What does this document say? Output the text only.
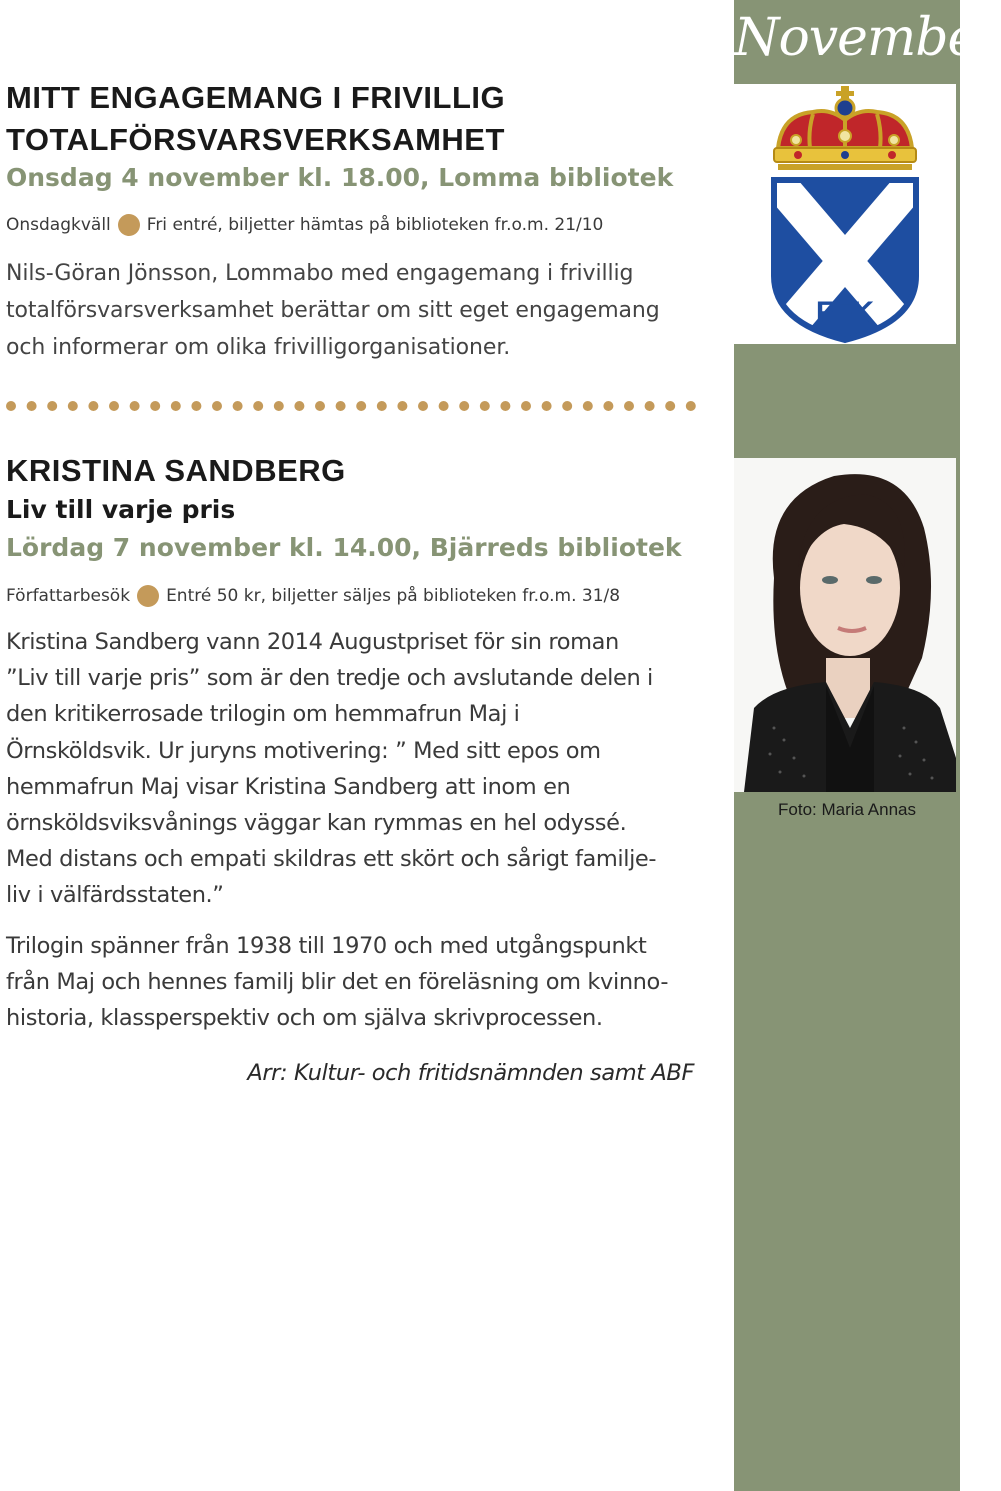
November
FFK
Foto: Maria Annas
MITT ENGAGEMANG I FRIVILLIG
TOTALFÖRSVARSVERKSAMHET
Onsdag 4 november kl. 18.00, Lomma bibliotek
Onsdagkväll Fri entré, biljetter hämtas på biblioteken fr.o.m. 21/10

Nils-Göran Jönsson, Lommabo med engagemang i frivillig

totalförsvarsverksamhet berättar om sitt eget engagemang

och informerar om olika frivilligorganisationer.

KRISTINA SANDBERG
Liv till varje pris
Lördag 7 november kl. 14.00, Bjärreds bibliotek
Författarbesök Entré 50 kr, biljetter säljes på biblioteken fr.o.m. 31/8

Kristina Sandberg vann 2014 Augustpriset för sin roman

”Liv till varje pris” som är den tredje och avslutande delen i

den kritikerrosade trilogin om hemmafrun Maj i

Örnsköldsvik. Ur juryns motivering: ” Med sitt epos om

hemmafrun Maj visar Kristina Sandberg att inom en

örnsköldsviksvånings väggar kan rymmas en hel odyssé.

Med distans och empati skildras ett skört och sårigt familje-

liv i välfärdsstaten.”

Trilogin spänner från 1938 till 1970 och med utgångspunkt

från Maj och hennes familj blir det en föreläsning om kvinno-

historia, klassperspektiv och om själva skrivprocessen.

Arr: Kultur- och fritidsnämnden samt ABF
